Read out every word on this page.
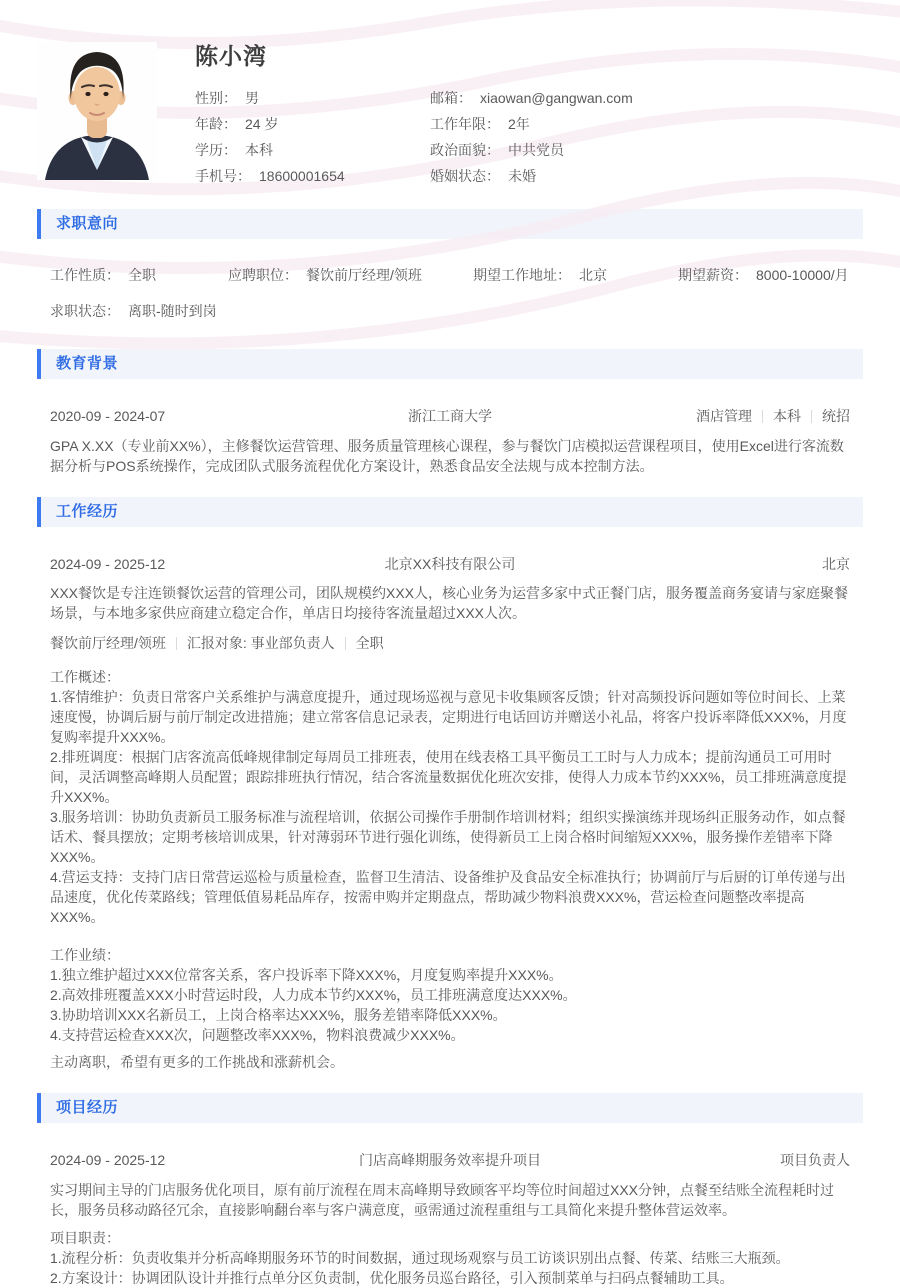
陈小湾
性别： 男	邮箱： xiaowan@gangwan.com
年龄： 24 岁	工作年限： 2年
学历： 本科	政治面貌： 中共党员
手机号： 18600001654	婚姻状态： 未婚
求职意向
工作性质： 全职	应聘职位： 餐饮前厅经理/领班	期望工作地址： 北京	期望薪资： 8000-10000/月
求职状态： 离职-随时到岗
教育背景
2020-09 - 2024-07	浙江工商大学	酒店管理 本科 统招
GPA X.XX（专业前XX%），主修餐饮运营管理、服务质量管理核心课程，参与餐饮门店模拟运营课程项目，使用Excel进行客流数据分析与POS系统操作，完成团队式服务流程优化方案设计，熟悉食品安全法规与成本控制方法。
工作经历
2024-09 - 2025-12	北京XX科技有限公司	北京
XXX餐饮是专注连锁餐饮运营的管理公司，团队规模约XXX人，核心业务为运营多家中式正餐门店，服务覆盖商务宴请与家庭聚餐场景，与本地多家供应商建立稳定合作，单店日均接待客流量超过XXX人次。
餐饮前厅经理/领班 汇报对象: 事业部负责人 全职
工作概述：
1.客情维护：负责日常客户关系维护与满意度提升，通过现场巡视与意见卡收集顾客反馈；针对高频投诉问题如等位时间长、上菜速度慢，协调后厨与前厅制定改进措施；建立常客信息记录表，定期进行电话回访并赠送小礼品，将客户投诉率降低XXX%，月度复购率提升XXX%。
2.排班调度：根据门店客流高低峰规律制定每周员工排班表，使用在线表格工具平衡员工工时与人力成本；提前沟通员工可用时间，灵活调整高峰期人员配置；跟踪排班执行情况，结合客流量数据优化班次安排，使得人力成本节约XXX%，员工排班满意度提升XXX%。
3.服务培训：协助负责新员工服务标准与流程培训，依据公司操作手册制作培训材料；组织实操演练并现场纠正服务动作，如点餐话术、餐具摆放；定期考核培训成果，针对薄弱环节进行强化训练，使得新员工上岗合格时间缩短XXX%，服务操作差错率下降XXX%。
4.营运支持：支持门店日常营运巡检与质量检查，监督卫生清洁、设备维护及食品安全标准执行；协调前厅与后厨的订单传递与出品速度，优化传菜路线；管理低值易耗品库存，按需申购并定期盘点，帮助减少物料浪费XXX%，营运检查问题整改率提高XXX%。
工作业绩：
1.独立维护超过XXX位常客关系，客户投诉率下降XXX%，月度复购率提升XXX%。
2.高效排班覆盖XXX小时营运时段，人力成本节约XXX%，员工排班满意度达XXX%。
3.协助培训XXX名新员工，上岗合格率达XXX%，服务差错率降低XXX%。
4.支持营运检查XXX次，问题整改率XXX%，物料浪费减少XXX%。
主动离职，希望有更多的工作挑战和涨薪机会。
项目经历
2024-09 - 2025-12	门店高峰期服务效率提升项目	项目负责人
实习期间主导的门店服务优化项目，原有前厅流程在周末高峰期导致顾客平均等位时间超过XXX分钟，点餐至结账全流程耗时过长，服务员移动路径冗余，直接影响翻台率与客户满意度，亟需通过流程重组与工具简化来提升整体营运效率。
项目职责：
1.流程分析：负责收集并分析高峰期服务环节的时间数据，通过现场观察与员工访谈识别出点餐、传菜、结账三大瓶颈。
2.方案设计：协调团队设计并推行点单分区负责制，优化服务员巡台路径，引入预制菜单与扫码点餐辅助工具。
